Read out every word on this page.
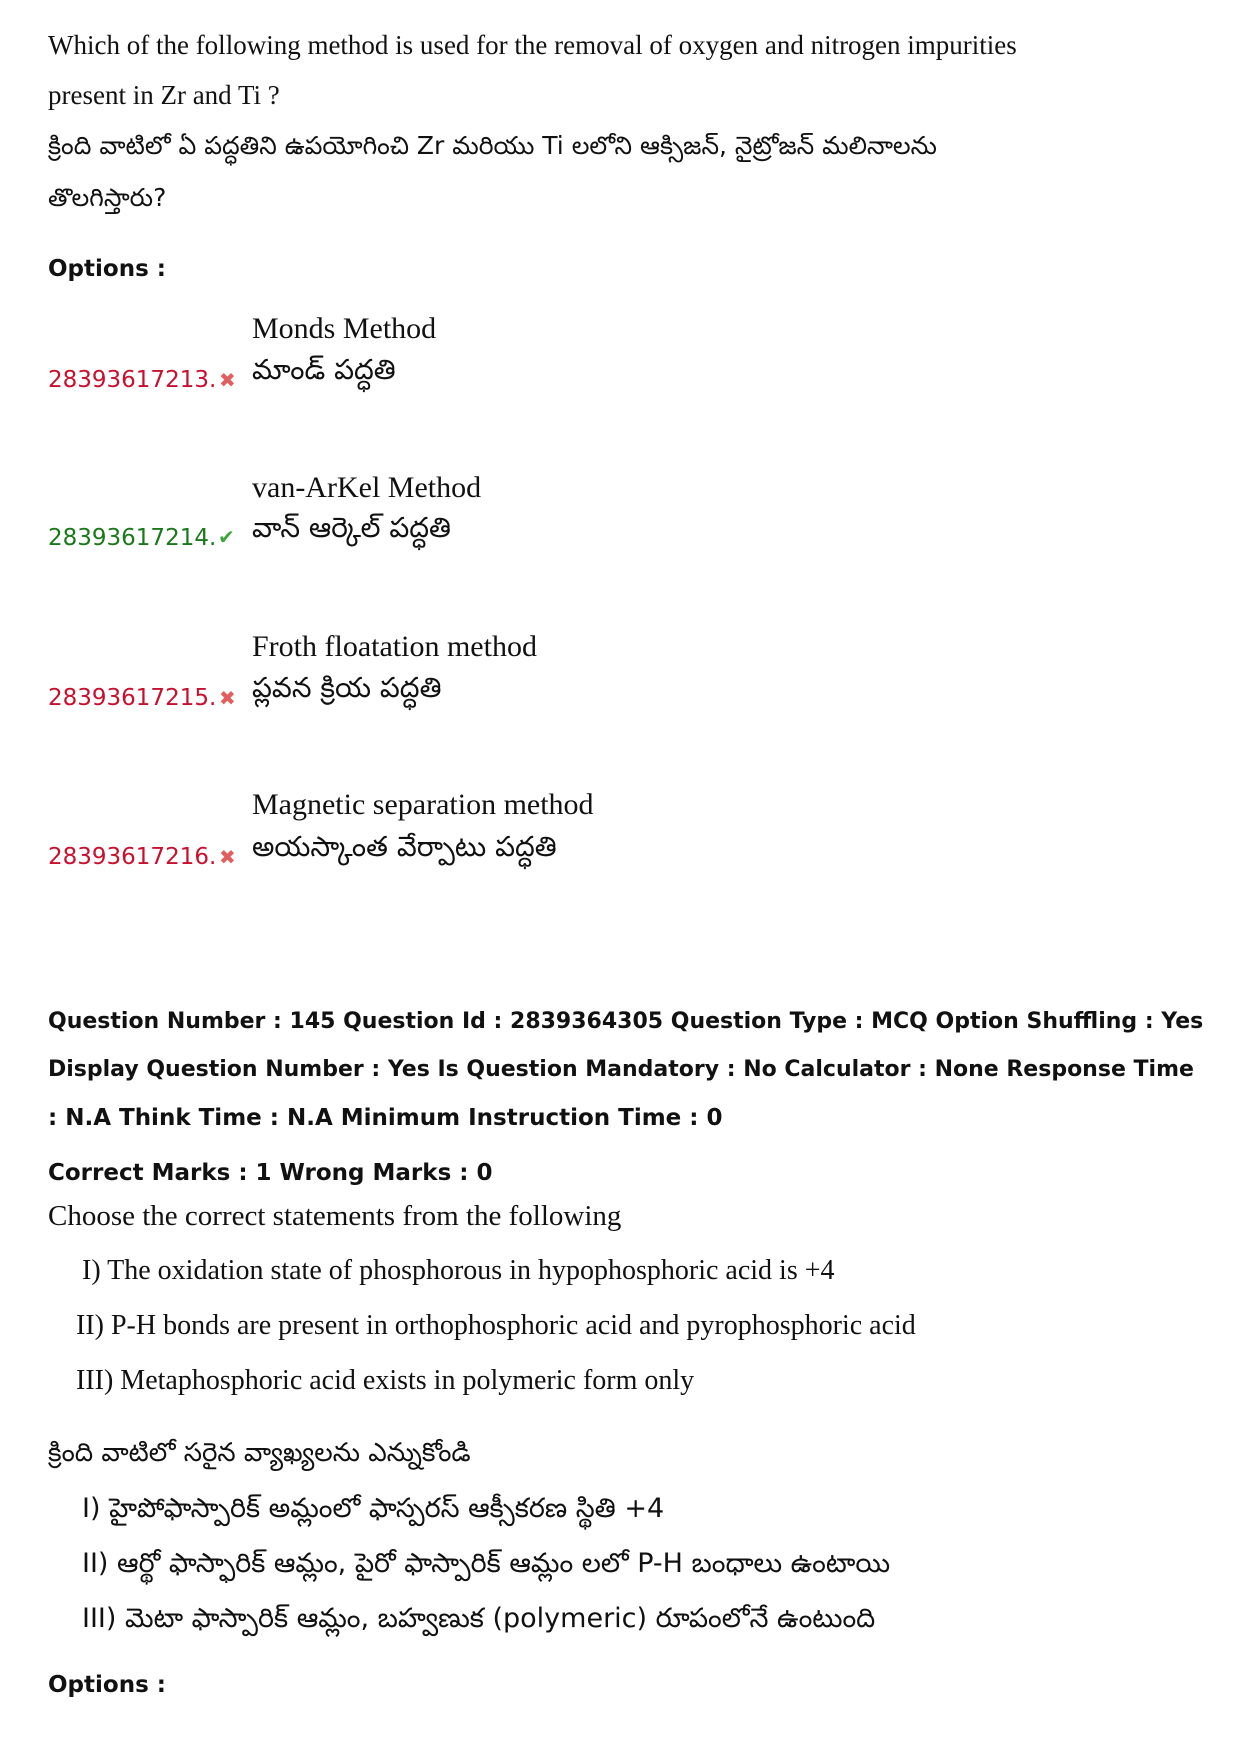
Which of the following method is used for the removal of oxygen and nitrogen impurities
present in Zr and Ti ?
క్రింది వాటిలో ఏ పద్ధతిని ఉపయోగించి Zr మరియు Ti లలోని ఆక్సిజన్, నైట్రోజన్ మలినాలను
తొలగిస్తారు?
Options :
Monds Method
28393617213. ✖ మాండ్ పద్ధతి
van-ArKel Method
28393617214. ✔ వాన్ ఆర్కెల్ పద్ధతి
Froth floatation method
28393617215. ✖ ప్లవన క్రియ పద్ధతి
Magnetic separation method
28393617216. ✖ అయస్కాంత వేర్పాటు పద్ధతి
Question Number : 145 Question Id : 2839364305 Question Type : MCQ Option Shuffling : Yes
Display Question Number : Yes Is Question Mandatory : No Calculator : None Response Time
: N.A Think Time : N.A Minimum Instruction Time : 0
Correct Marks : 1 Wrong Marks : 0
Choose the correct statements from the following
I) The oxidation state of phosphorous in hypophosphoric acid is +4
II) P-H bonds are present in orthophosphoric acid and pyrophosphoric acid
III) Metaphosphoric acid exists in polymeric form only
క్రింది వాటిలో సరైన వ్యాఖ్యలను ఎన్నుకోండి
I) హైపోఫాస్పారిక్ అమ్లంలో ఫాస్పరస్ ఆక్సీకరణ స్థితి +4
II) ఆర్థో ఫాస్ఫారిక్ ఆమ్లం, పైరో ఫాస్పారిక్ ఆమ్లం లలో P-H బంధాలు ఉంటాయి
III) మెటా ఫాస్పారిక్ ఆమ్లం, బహ్వణుక (polymeric) రూపంలోనే ఉంటుంది
Options :
